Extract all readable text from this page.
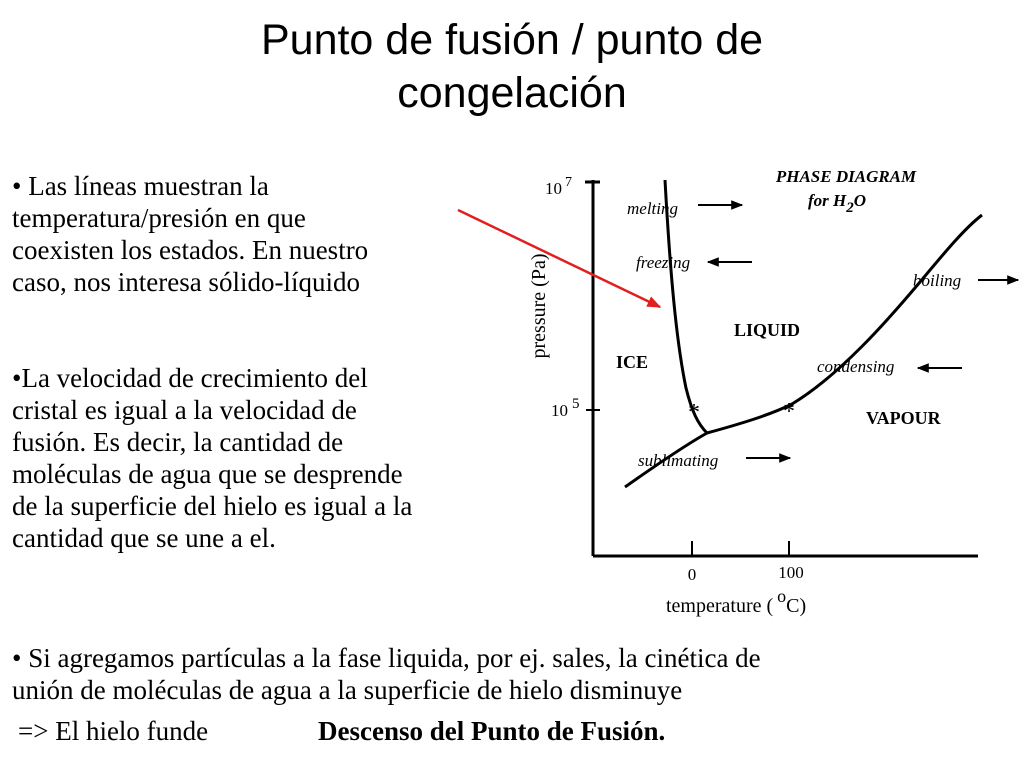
Punto de fusión / punto de
congelación
• Las líneas muestran la
temperatura/presión en que
coexisten los estados. En nuestro
caso, nos interesa sólido-líquido
•La velocidad de crecimiento del
cristal es igual a la velocidad de
fusión. Es decir, la cantidad de
moléculas de agua que se desprende
de la superficie del hielo es igual a la
cantidad que se une a el.
• Si agregamos partículas a la fase liquida, por ej. sales, la cinética de
unión de moléculas de agua a la superficie de hielo disminuye
=> El hielo funde	Descenso del Punto de Fusión.
*	*
PHASE DIAGRAM
for H2O
10 $^7$
10 5
pressure (Pa)
0	100
temperature ( oC)
ICE
LIQUID
VAPOUR
melting
freezing
boiling
condensing
sublimating
